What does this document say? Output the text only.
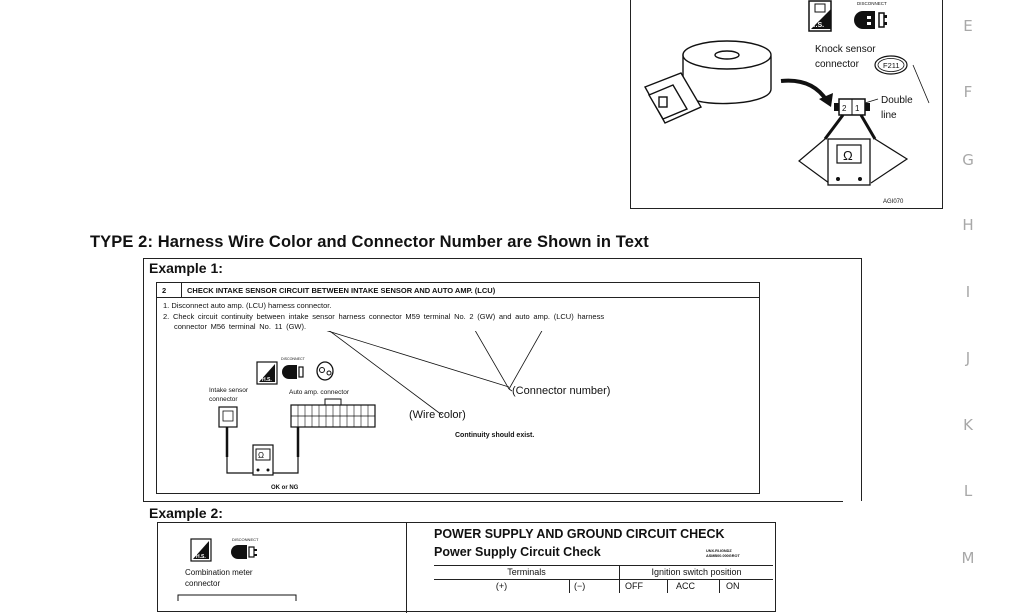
E
F
G
H
I
J
K
L
M
T.S.
DISCONNECT
Knock sensor
connector	F211
Double
line
2 1
Ω
AGI070
TYPE 2: Harness Wire Color and Connector Number are Shown in Text
Example 1:
2	CHECK INTAKE SENSOR CIRCUIT BETWEEN INTAKE SENSOR AND AUTO AMP. (LCU)
1. Disconnect auto amp. (LCU) harness connector.
2. Check circuit continuity between intake sensor harness connector M59 terminal No. 2 (GW) and auto amp. (LCU) harness
connector M56 terminal No. 11 (GW).
(Connector number)
(Wire color)
Continuity should exist.
H.S.
DISCONNECT
Intake sensor
connector
Auto amp. connector
Ω
OK or NG
Example 2:
H.S.
DISCONNECT
Combination meter
connector
POWER SUPPLY AND GROUND CIRCUIT CHECK
Power Supply Circuit Check	UNX.RI.IGNDZ
ASMB00.000GROT
Terminals	Ignition switch position
(+)	(−)	OFF	ACC	ON
